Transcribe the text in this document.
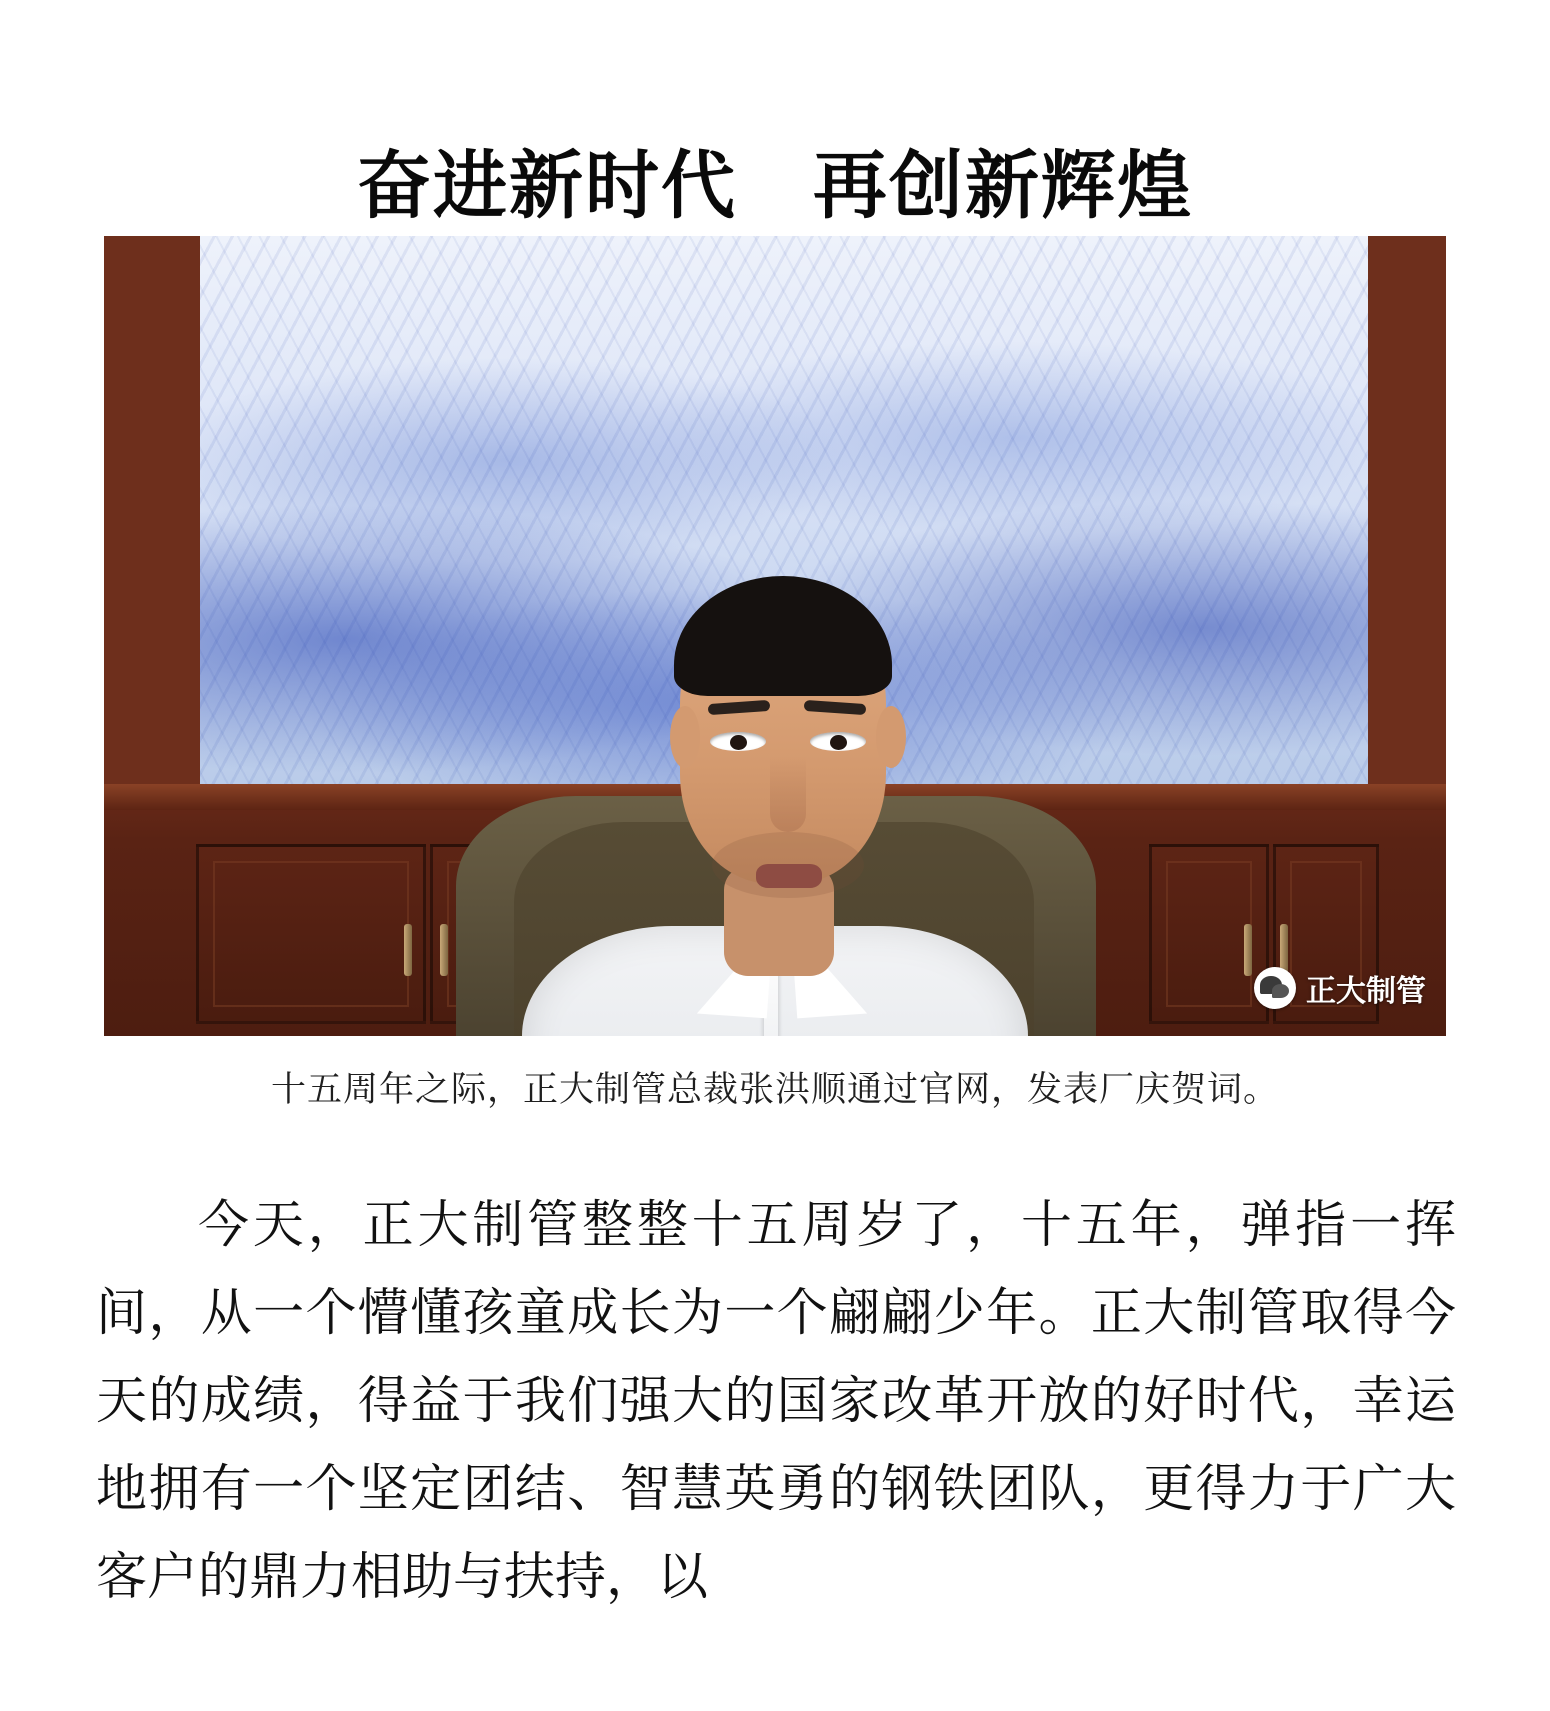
奋进新时代　再创新辉煌
正大制管
十五周年之际，正大制管总裁张洪顺通过官网，发表厂庆贺词。

今天，正大制管整整十五周岁了，十五年，弹指一挥间，从一个懵懂孩童成长为一个翩翩少年。正大制管取得今天的成绩，得益于我们强大的国家改革开放的好时代，幸运地拥有一个坚定团结、智慧英勇的钢铁团队，更得力于广大客户的鼎力相助与扶持，以
